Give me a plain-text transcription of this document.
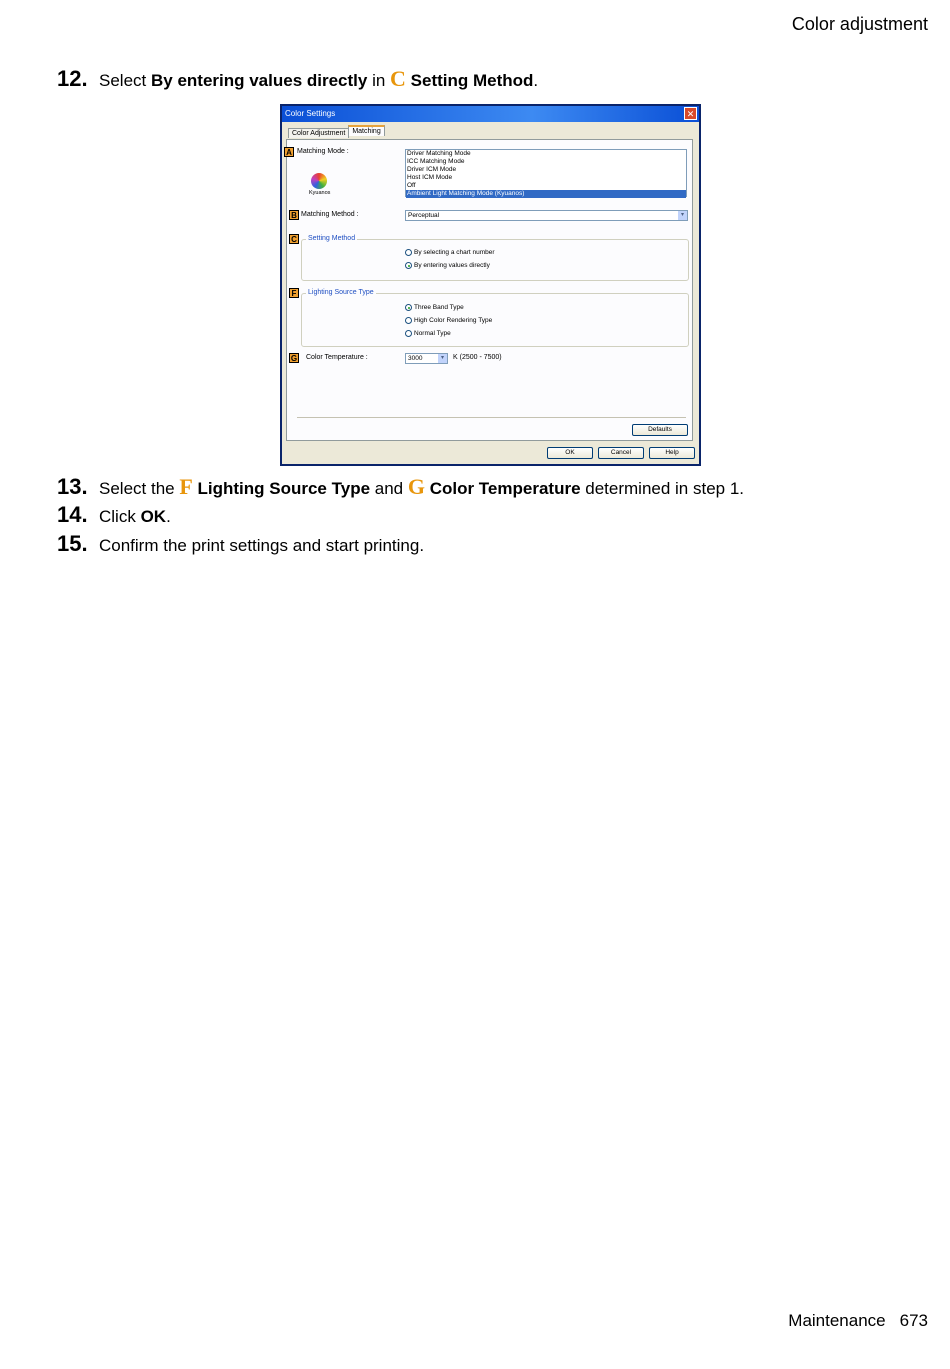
Color adjustment
12. Select By entering values directly in C Setting Method.
Color Settings	✕
Color Adjustment Matching
A Matching Mode :
Kyuanos
Driver Matching Mode
ICC Matching Mode
Driver ICM Mode
Host ICM Mode
Off
Ambient Light Matching Mode (Kyuanos)
B Matching Method :	Perceptual	▾
C	Setting Method
By selecting a chart number
By entering values directly
F	Lighting Source Type
Three Band Type
High Color Rendering Type
Normal Type
G Color Temperature :	3000	▾	K (2500 - 7500)
Defaults
OK	Cancel	Help
13. Select the F Lighting Source Type and G Color Temperature determined in step 1.
14. Click OK.
15. Confirm the print settings and start printing.
Maintenance 673
